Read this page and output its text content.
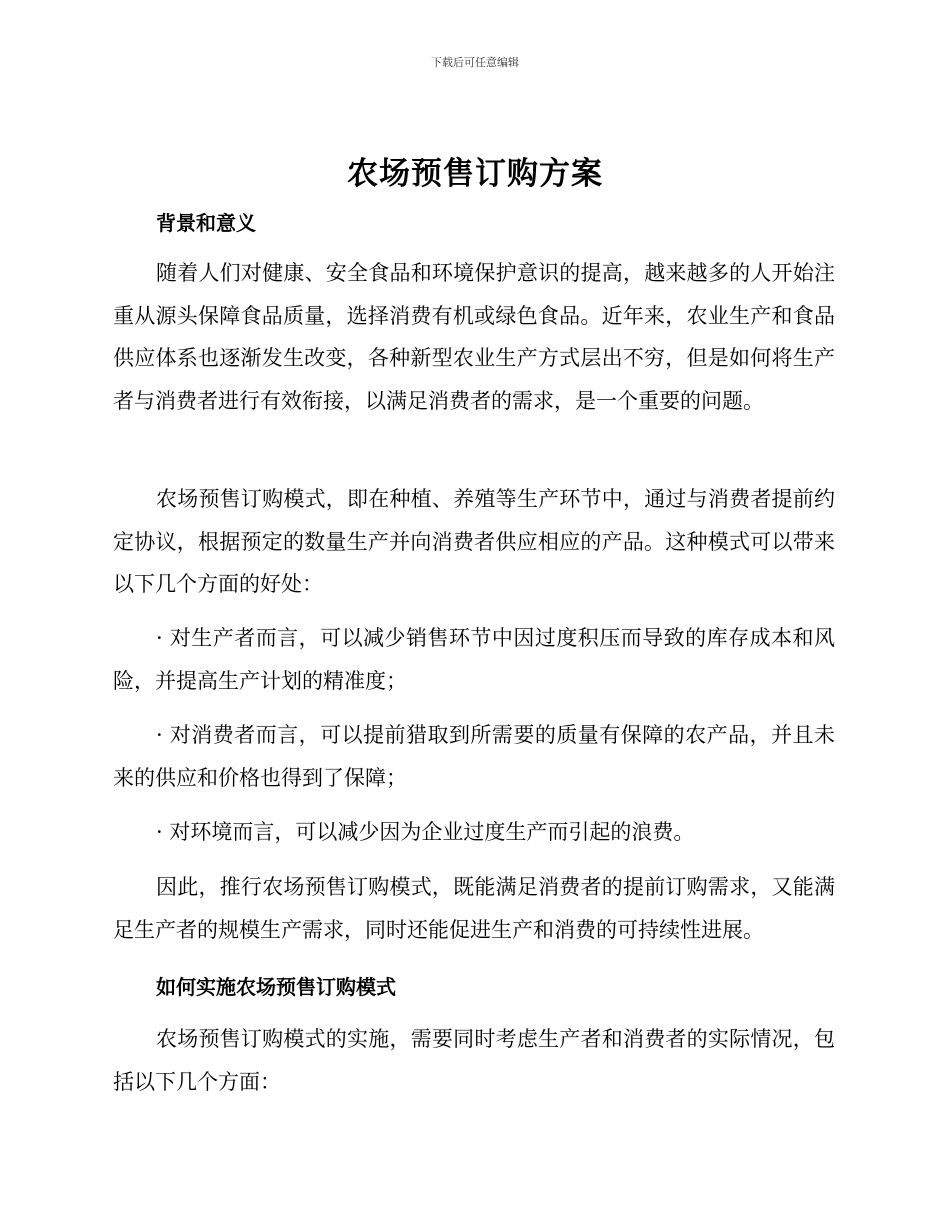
下载后可任意编辑
农场预售订购方案
背景和意义
随着人们对健康、安全食品和环境保护意识的提高，越来越多的人开始注重从源头保障食品质量，选择消费有机或绿色食品。近年来，农业生产和食品供应体系也逐渐发生改变，各种新型农业生产方式层出不穷，但是如何将生产者与消费者进行有效衔接，以满足消费者的需求，是一个重要的问题。
农场预售订购模式，即在种植、养殖等生产环节中，通过与消费者提前约定协议，根据预定的数量生产并向消费者供应相应的产品。这种模式可以带来以下几个方面的好处：
· 对生产者而言，可以减少销售环节中因过度积压而导致的库存成本和风险，并提高生产计划的精准度；
· 对消费者而言，可以提前猎取到所需要的质量有保障的农产品，并且未来的供应和价格也得到了保障；
· 对环境而言，可以减少因为企业过度生产而引起的浪费。
因此，推行农场预售订购模式，既能满足消费者的提前订购需求，又能满足生产者的规模生产需求，同时还能促进生产和消费的可持续性进展。
如何实施农场预售订购模式
农场预售订购模式的实施，需要同时考虑生产者和消费者的实际情况，包括以下几个方面：
